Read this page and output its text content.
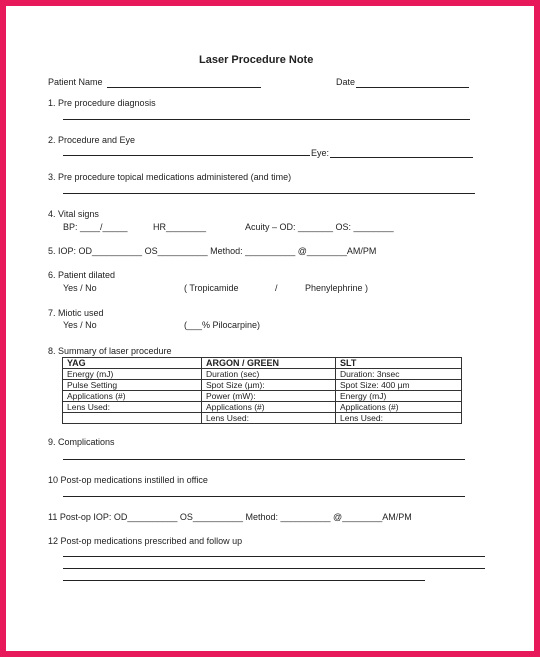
Laser Procedure Note
Patient Name	Date
1. Pre procedure diagnosis
2. Procedure and Eye
Eye:
3. Pre procedure topical medications administered (and time)
4. Vital signs
BP: ____/_____	HR________	Acuity – OD: _______ OS: ________
5. IOP: OD__________ OS__________ Method: __________ @________AM/PM
6. Patient dilated
Yes / No	( Tropicamide	/	Phenylephrine )
7. Miotic used
Yes / No	(___% Pilocarpine)
8. Summary of laser procedure
YAG	ARGON / GREEN	SLT
Energy (mJ)	Duration (sec)	Duration: 3nsec
Pulse Setting	Spot Size (µm):	Spot Size: 400 µm
Applications (#)	Power (mW):	Energy (mJ)
Lens Used:	Applications (#)	Applications (#)
	Lens Used:	Lens Used:
9. Complications
10 Post-op medications instilled in office
11 Post-op IOP: OD__________ OS__________ Method: __________ @________AM/PM
12 Post-op medications prescribed and follow up
